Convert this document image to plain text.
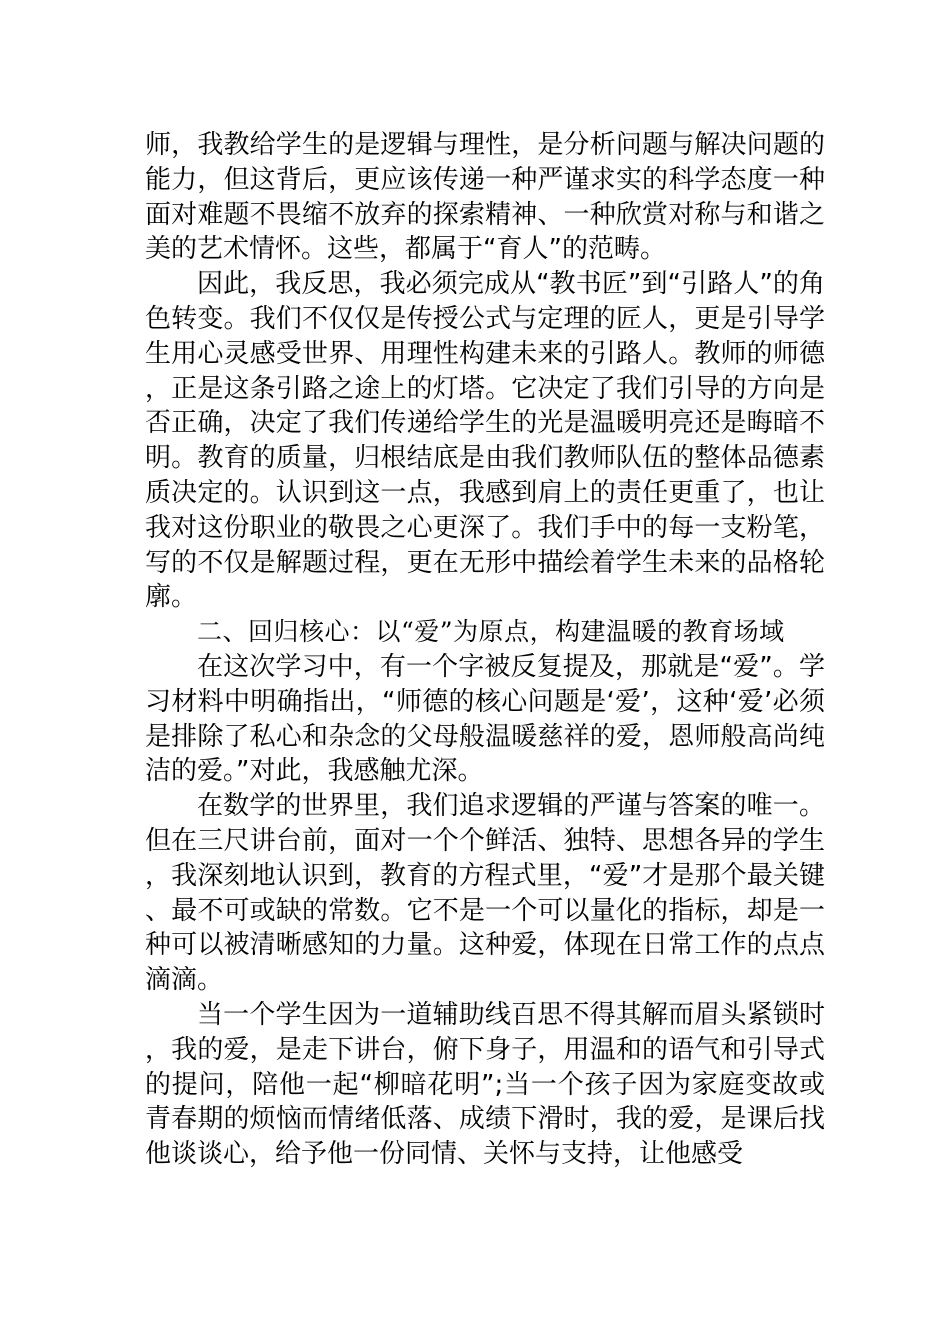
师，我教给学生的是逻辑与理性，是分析问题与解决问题的能力，但这背后，更应该传递一种严谨求实的科学态度一种面对难题不畏缩不放弃的探索精神、一种欣赏对称与和谐之美的艺术情怀。这些，都属于“育人”的范畴。

因此，我反思，我必须完成从“教书匠”到“引路人”的角色转变。我们不仅仅是传授公式与定理的匠人，更是引导学生用心灵感受世界、用理性构建未来的引路人。教师的师德，正是这条引路之途上的灯塔。它决定了我们引导的方向是否正确，决定了我们传递给学生的光是温暖明亮还是晦暗不明。教育的质量，归根结底是由我们教师队伍的整体品德素质决定的。认识到这一点，我感到肩上的责任更重了，也让我对这份职业的敬畏之心更深了。我们手中的每一支粉笔，写的不仅是解题过程，更在无形中描绘着学生未来的品格轮廓。

二、回归核心：以“爱”为原点，构建温暖的教育场域

在这次学习中，有一个字被反复提及，那就是“爱”。学习材料中明确指出，“师德的核心问题是‘爱’，这种‘爱’必须是排除了私心和杂念的父母般温暖慈祥的爱，恩师般高尚纯洁的爱。”对此，我感触尤深。

在数学的世界里，我们追求逻辑的严谨与答案的唯一。但在三尺讲台前，面对一个个鲜活、独特、思想各异的学生，我深刻地认识到，教育的方程式里，“爱”才是那个最关键、最不可或缺的常数。它不是一个可以量化的指标，却是一种可以被清晰感知的力量。这种爱，体现在日常工作的点点滴滴。

当一个学生因为一道辅助线百思不得其解而眉头紧锁时，我的爱，是走下讲台，俯下身子，用温和的语气和引导式的提问，陪他一起“柳暗花明”;当一个孩子因为家庭变故或青春期的烦恼而情绪低落、成绩下滑时，我的爱，是课后找他谈谈心，给予他一份同情、关怀与支持，让他感受
